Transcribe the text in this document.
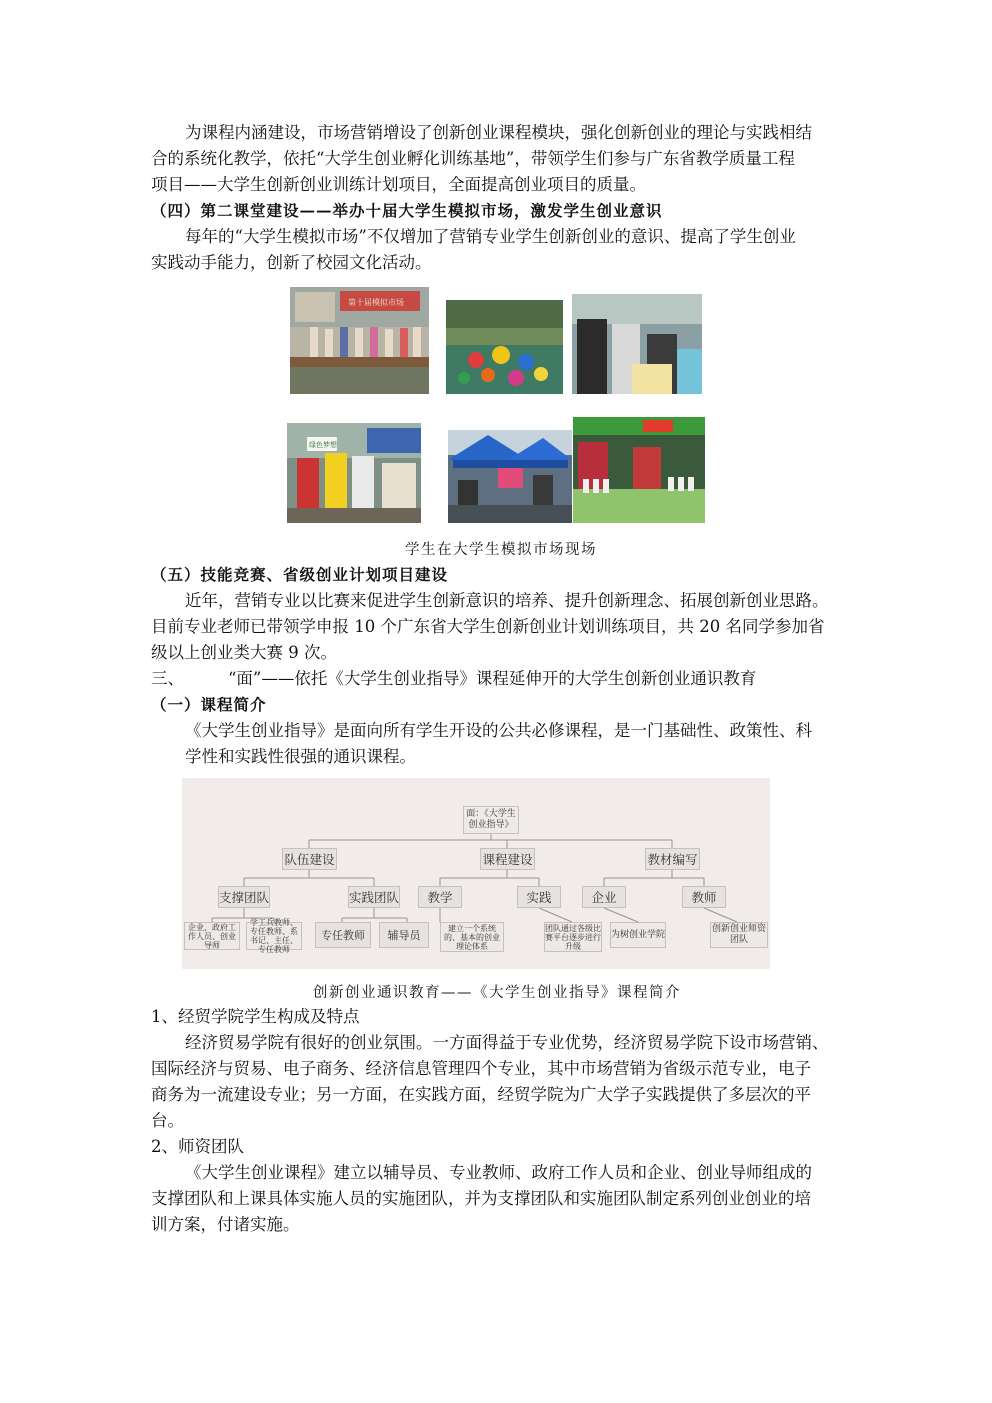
为课程内涵建设，市场营销增设了创新创业课程模块，强化创新创业的理论与实践相结
合的系统化教学，依托“大学生创业孵化训练基地”，带领学生们参与广东省教学质量工程
项目——大学生创新创业训练计划项目，全面提高创业项目的质量。
（四）第二课堂建设——举办十届大学生模拟市场，激发学生创业意识
每年的“大学生模拟市场”不仅增加了营销专业学生创新创业的意识、提高了学生创业
实践动手能力，创新了校园文化活动。
第十届模拟市场
绿色梦想
学生在大学生模拟市场现场
（五）技能竞赛、省级创业计划项目建设
近年，营销专业以比赛来促进学生创新意识的培养、提升创新理念、拓展创新创业思路。
目前专业老师已带领学申报 10 个广东省大学生创新创业计划训练项目，共 20 名同学参加省
级以上创业类大赛 9 次。
三、	“面”——依托《大学生创业指导》课程延伸开的大学生创新创业通识教育
（一）课程简介
《大学生创业指导》是面向所有学生开设的公共必修课程，是一门基础性、政策性、科
学性和实践性很强的通识课程。
面：《大学生创业指导》
队伍建设	课程建设	教材编写
支撑团队	实践团队	教学	实践	企业	教师
企业、政府工作人员、创业导师
学工兵教师、专任教师、系书记、主任、专任教师
专任教师	辅导员
建立一个系统的、基本的创业理论体系
团队通过各级比赛平台逐步进行升级
为树创业学院
创新创业师资团队
创新创业通识教育——《大学生创业指导》课程简介
1、经贸学院学生构成及特点
经济贸易学院有很好的创业氛围。一方面得益于专业优势，经济贸易学院下设市场营销、
国际经济与贸易、电子商务、经济信息管理四个专业，其中市场营销为省级示范专业，电子
商务为一流建设专业；另一方面，在实践方面，经贸学院为广大学子实践提供了多层次的平
台。
2、师资团队
《大学生创业课程》建立以辅导员、专业教师、政府工作人员和企业、创业导师组成的
支撑团队和上课具体实施人员的实施团队，并为支撑团队和实施团队制定系列创业创业的培
训方案，付诸实施。
